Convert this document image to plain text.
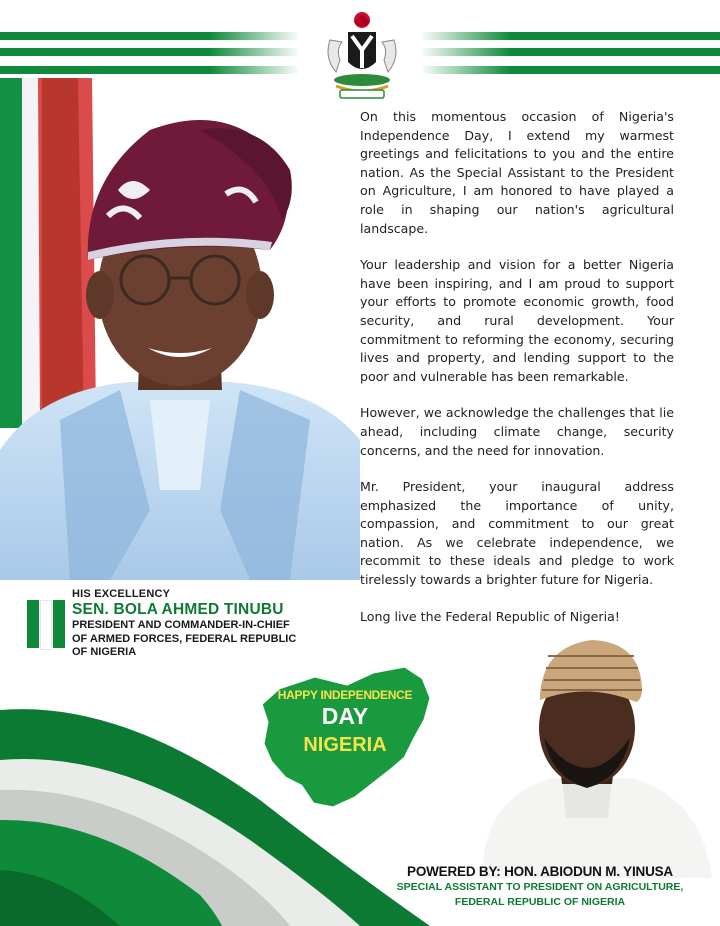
On this momentous occasion of Nigeria's Independence Day, I extend my warmest greetings and felicitations to you and the entire nation. As the Special Assistant to the President on Agriculture, I am honored to have played a role in shaping our nation's agricultural landscape.

Your leadership and vision for a better Nigeria have been inspiring, and I am proud to support your efforts to promote economic growth, food security, and rural development. Your commitment to reforming the economy, securing lives and property, and lending support to the poor and vulnerable has been remarkable.

However, we acknowledge the challenges that lie ahead, including climate change, security concerns, and the need for innovation.

Mr. President, your inaugural address emphasized the importance of unity, compassion, and commitment to our great nation. As we celebrate independence, we recommit to these ideals and pledge to work tirelessly towards a brighter future for Nigeria.

Long live the Federal Republic of Nigeria!

HIS EXCELLENCY
SEN. BOLA AHMED TINUBU
PRESIDENT AND COMMANDER-IN-CHIEF
OF ARMED FORCES, FEDERAL REPUBLIC
OF NIGERIA
HAPPY INDEPENDENCE
DAY
NIGERIA
POWERED BY: HON. ABIODUN M. YINUSA
SPECIAL ASSISTANT TO PRESIDENT ON AGRICULTURE,
FEDERAL REPUBLIC OF NIGERIA
